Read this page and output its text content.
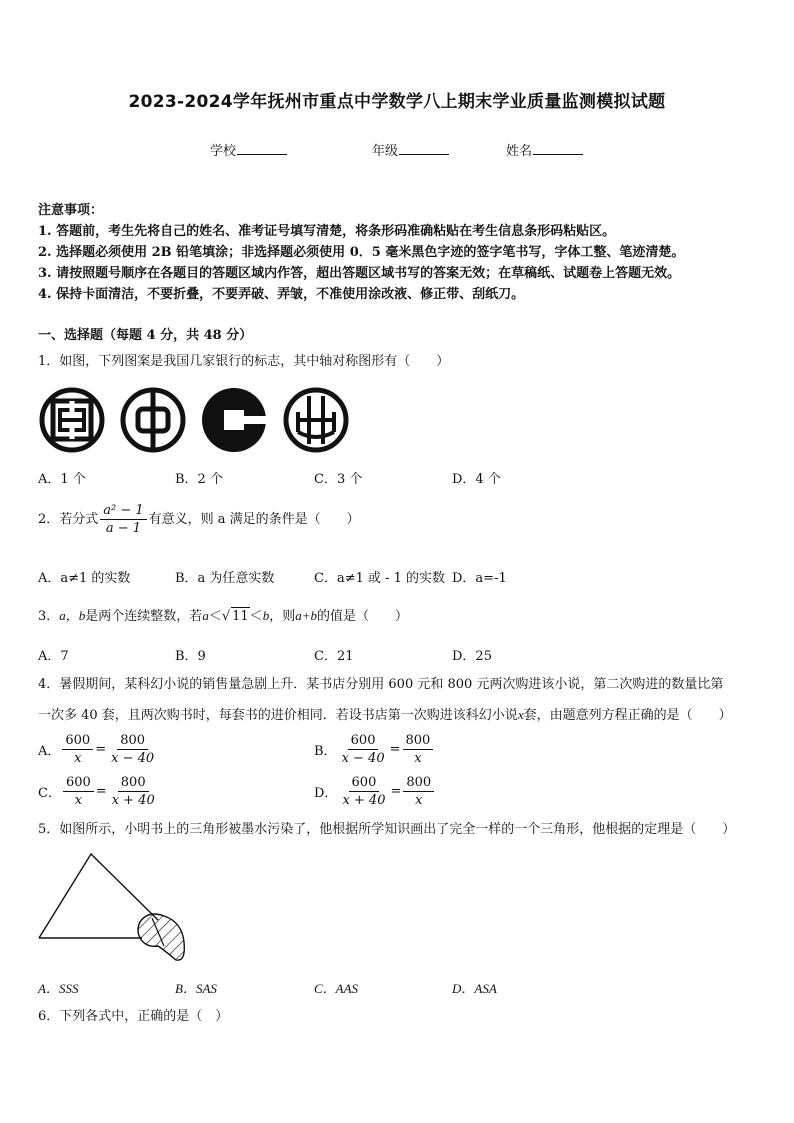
2023-2024学年抚州市重点中学数学八上期末学业质量监测模拟试题
学校	年级	姓名
注意事项：
1. 答题前，考生先将自己的姓名、准考证号填写清楚，将条形码准确粘贴在考生信息条形码粘贴区。
2. 选择题必须使用 2B 铅笔填涂；非选择题必须使用 0．5 毫米黑色字迹的签字笔书写，字体工整、笔迹清楚。
3. 请按照题号顺序在各题目的答题区域内作答，超出答题区域书写的答案无效；在草稿纸、试题卷上答题无效。
4. 保持卡面清洁，不要折叠，不要弄破、弄皱，不准使用涂改液、修正带、刮纸刀。
一、选择题（每题 4 分，共 48 分）
1．如图，下列图案是我国几家银行的标志，其中轴对称图形有（　　）
A．1 个	B．2 个	C．3 个	D．4 个
2．若分式 $\frac{\text{a² − 1}}{a - 1}$ 有意义，则 a 满足的条件是（　　）
A．a≠1 的实数	B．a 为任意实数	C．a≠1 或 - 1 的实数 D．a=-1
3．a，b是两个连续整数，若a＜√ 11＜b，则a+b的值是（　　）
A．7	B．9	C．21	D．25
4．暑假期间，某科幻小说的销售量急剧上升．某书店分别用 600 元和 800 元两次购进该小说，第二次购进的数量比第
一次多 40 套，且两次购书时，每套书的进价相同．若设书店第一次购进该科幻小说x套，由题意列方程正确的是（　　）
A． $\frac{600}{x} = \frac{800}{x - 40}$	B． $\frac{600}{x - 40} = \frac{800}{x}$
C． $\frac{600}{x} = \frac{800}{x + 40}$	D． $\frac{600}{x + 40} = \frac{800}{x}$
5．如图所示，小明书上的三角形被墨水污染了，他根据所学知识画出了完全一样的一个三角形，他根据的定理是（　　）
A．SSS	B．SAS	C．AAS	D．ASA
6．下列各式中，正确的是（　）
